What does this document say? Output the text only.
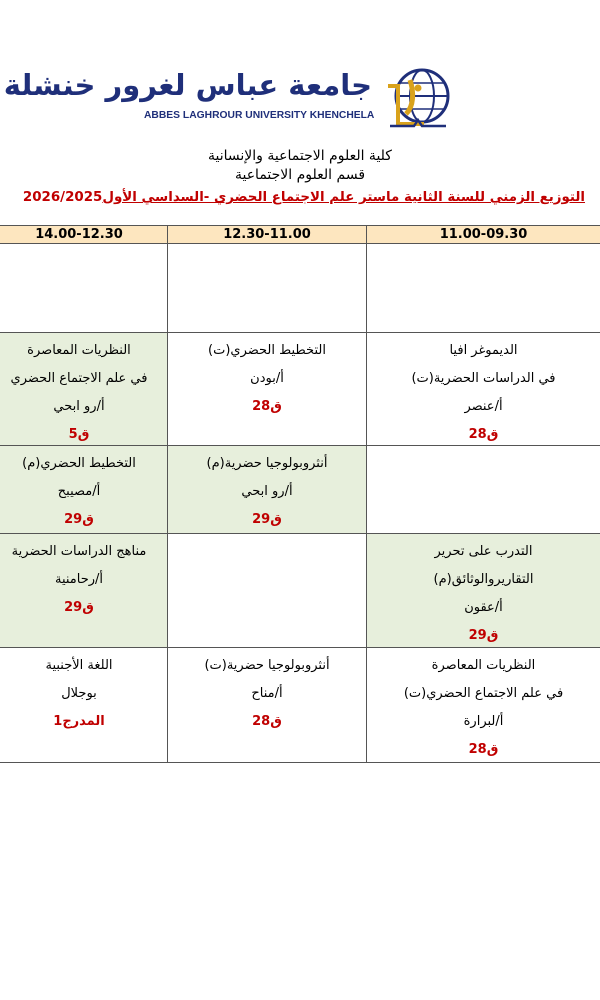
جامعة عباس لغرور خنشلة
ABBES LAGHROUR UNIVERSITY KHENCHELA
كلية العلوم الاجتماعية والإنسانية
قسم العلوم الاجتماعية
التوزيع الزمني للسنة الثانية ماستر علم الاجتماع الحضري -السداسي الأول2026/2025
11.00-09.30
12.30-11.00
14.00-12.30
الديموغر افيا
في الدراسات الحضرية(ت)
أ/عنصر
ق28
التخطيط الحضري(ت)
أ/بودن
ق28
النظريات المعاصرة
في علم الاجتماع الحضري
أ/رو ابحي
ق5
أنثروبولوجيا حضرية(م)
أ/رو ابحي
ق29
التخطيط الحضري(م)
أ/مصيبح
ق29
التدرب على تحرير
التقاريروالوثائق(م)
أ/عقون
ق29
مناهج الدراسات الحضرية
أ/رحامنية
ق29
النظريات المعاصرة
في علم الاجتماع الحضري(ت)
أ/لبرارة
ق28
أنثروبولوجيا حضرية(ت)
أ/مناح
ق28
اللغة الأجنبية
بوجلال
المدرج1
